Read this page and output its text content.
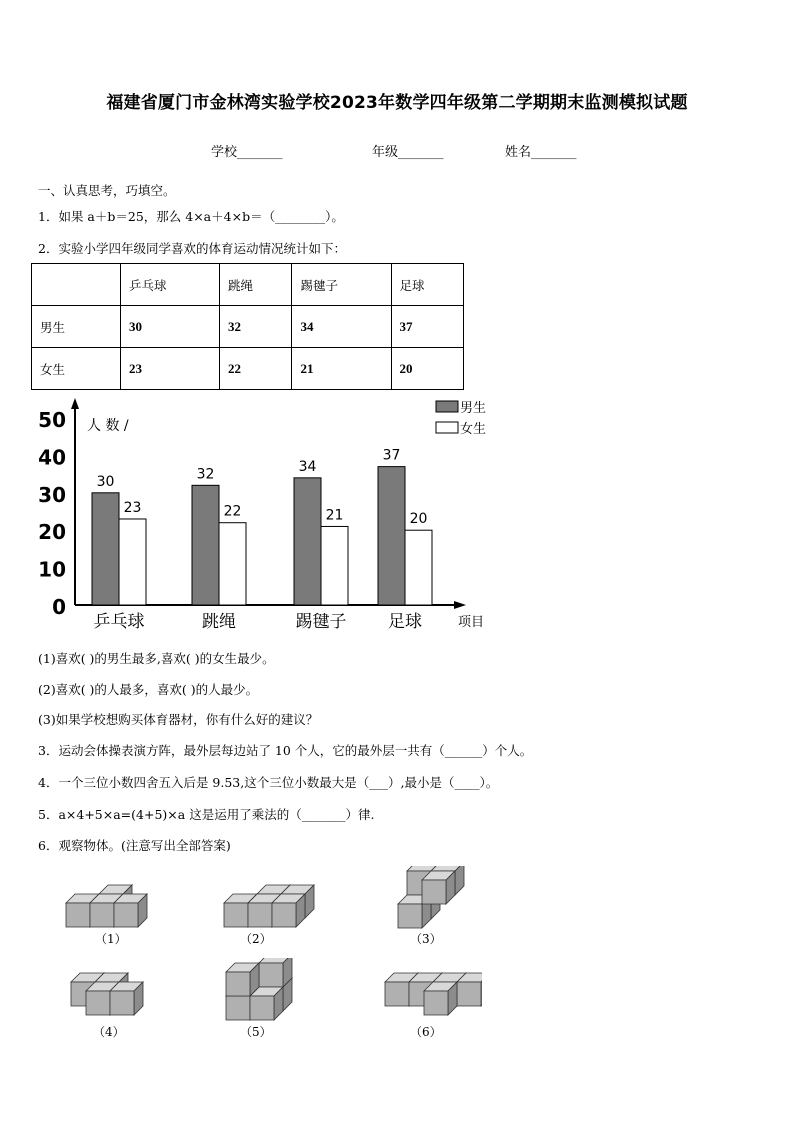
福建省厦门市金林湾实验学校2023年数学四年级第二学期期末监测模拟试题
学校_______	年级_______	姓名_______
一、认真思考，巧填空。
1．如果 a＋b＝25，那么 4×a＋4×b＝（________）。
2．实验小学四年级同学喜欢的体育运动情况统计如下：
	乒乓球	跳绳	踢毽子	足球
男生	30	32	34	37
女生	23	22	21	20
0
10
20
30
40
50 人 数 /
项目
男生
女生
30
23
乒乓球
32
22
跳绳
34
21
踢毽子
37
20
足球
(1)喜欢( )的男生最多,喜欢( )的女生最少。
(2)喜欢( )的人最多，喜欢( )的人最少。
(3)如果学校想购买体育器材，你有什么好的建议？
3．运动会体操表演方阵，最外层每边站了 10 个人，它的最外层一共有（______）个人。
4．一个三位小数四舍五入后是 9.53,这个三位小数最大是（___）,最小是（____）。
5．a×4+5×a=(4+5)×a 这是运用了乘法的（_______）律.
6．观察物体。(注意写出全部答案)
（1）	（2）	（3）
（4）	（5）	（6）
